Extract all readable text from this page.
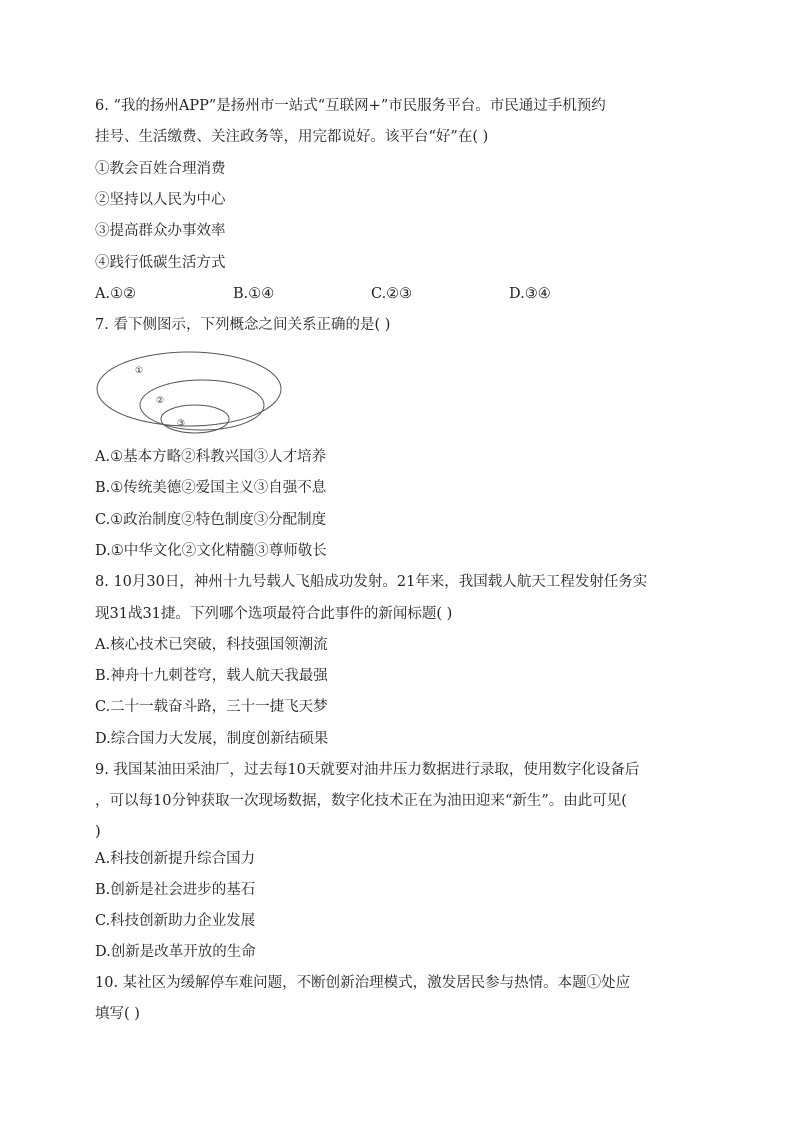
6. “我的扬州APP”是扬州市一站式“互联网+”市民服务平台。市民通过手机预约
挂号、生活缴费、关注政务等，用完都说好。该平台“好”在( )
①教会百姓合理消费
②坚持以人民为中心
③提高群众办事效率
④践行低碳生活方式
A.①②	B.①④	C.②③	D.③④
7. 看下侧图示，下列概念之间关系正确的是( )
①
②
③
A.①基本方略②科教兴国③人才培养
B.①传统美德②爱国主义③自强不息
C.①政治制度②特色制度③分配制度
D.①中华文化②文化精髓③尊师敬长
8. 10月30日，神州十九号载人飞船成功发射。21年来，我国载人航天工程发射任务实
现31战31捷。下列哪个选项最符合此事件的新闻标题( )
A.核心技术已突破，科技强国领潮流
B.神舟十九刺苍穹，载人航天我最强
C.二十一载奋斗路，三十一捷飞天梦
D.综合国力大发展，制度创新结硕果
9. 我国某油田采油厂，过去每10天就要对油井压力数据进行录取，使用数字化设备后
，可以每10分钟获取一次现场数据，数字化技术正在为油田迎来“新生”。由此可见(
)
A.科技创新提升综合国力
B.创新是社会进步的基石
C.科技创新助力企业发展
D.创新是改革开放的生命
10. 某社区为缓解停车难问题，不断创新治理模式，激发居民参与热情。本题①处应
填写( )
